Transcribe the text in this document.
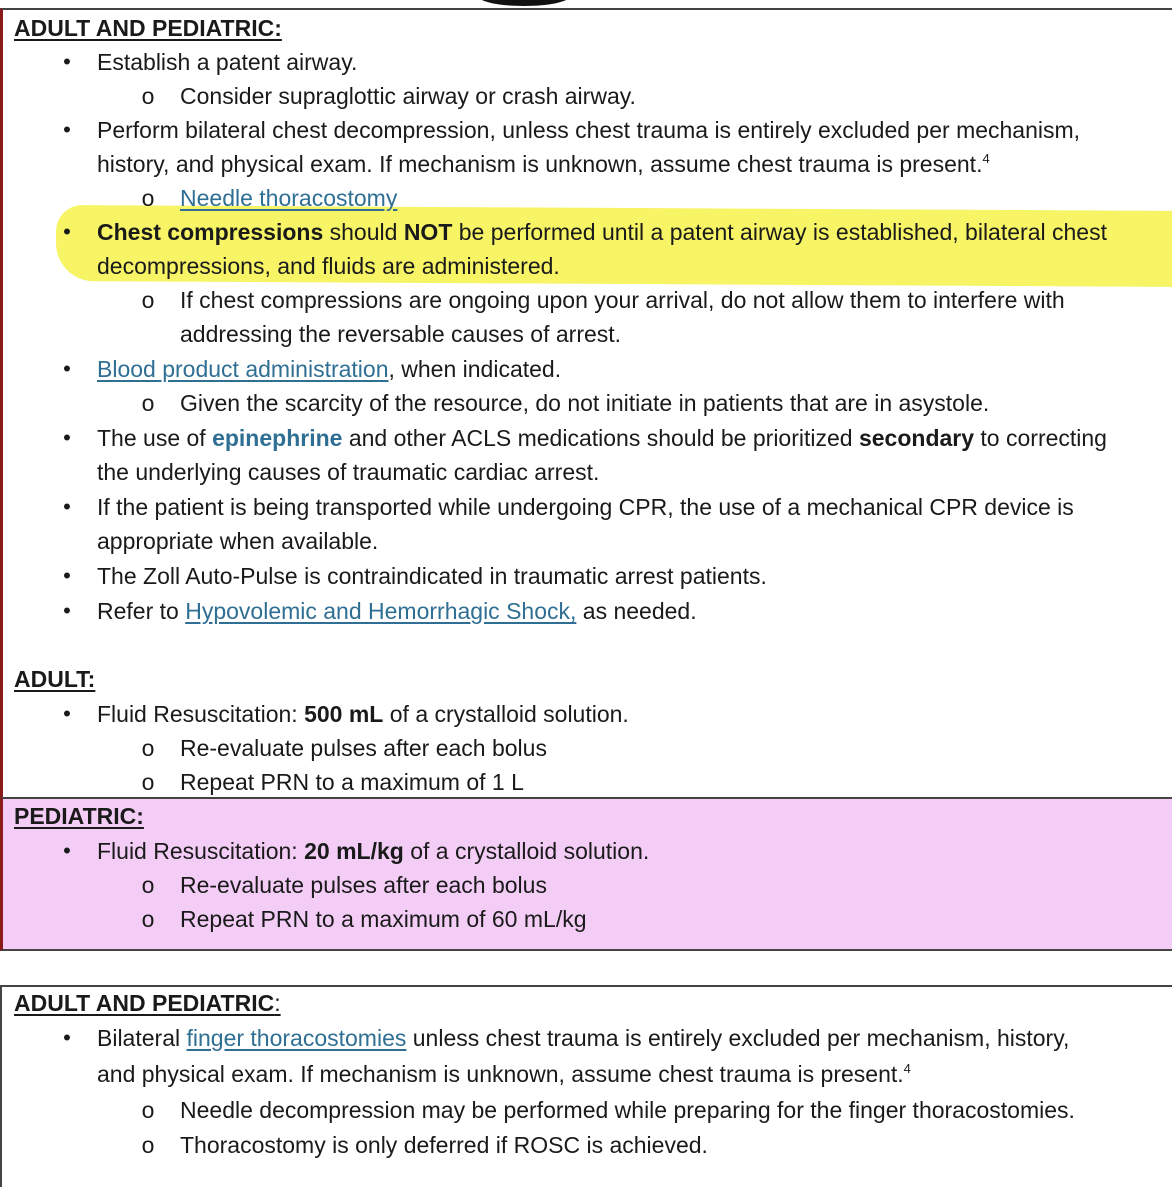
ADULT AND PEDIATRIC:
• Establish a patent airway.
o Consider supraglottic airway or crash airway.
• Perform bilateral chest decompression, unless chest trauma is entirely excluded per mechanism,
history, and physical exam. If mechanism is unknown, assume chest trauma is present.$^4$
o Needle thoracostomy
• Chest compressions should NOT be performed until a patent airway is established, bilateral chest
decompressions, and fluids are administered.
o If chest compressions are ongoing upon your arrival, do not allow them to interfere with
addressing the reversable causes of arrest.
• Blood product administration, when indicated.
o Given the scarcity of the resource, do not initiate in patients that are in asystole.
• The use of epinephrine and other ACLS medications should be prioritized secondary to correcting
the underlying causes of traumatic cardiac arrest.
• If the patient is being transported while undergoing CPR, the use of a mechanical CPR device is
appropriate when available.
• The Zoll Auto-Pulse is contraindicated in traumatic arrest patients.
• Refer to Hypovolemic and Hemorrhagic Shock, as needed.
ADULT:
• Fluid Resuscitation: 500 mL of a crystalloid solution.
o Re-evaluate pulses after each bolus
o Repeat PRN to a maximum of 1 L
PEDIATRIC:
• Fluid Resuscitation: 20 mL/kg of a crystalloid solution.
o Re-evaluate pulses after each bolus
o Repeat PRN to a maximum of 60 mL/kg
ADULT AND PEDIATRIC:
• Bilateral finger thoracostomies unless chest trauma is entirely excluded per mechanism, history,
and physical exam. If mechanism is unknown, assume chest trauma is present.$^4$
o Needle decompression may be performed while preparing for the finger thoracostomies.
o Thoracostomy is only deferred if ROSC is achieved.
